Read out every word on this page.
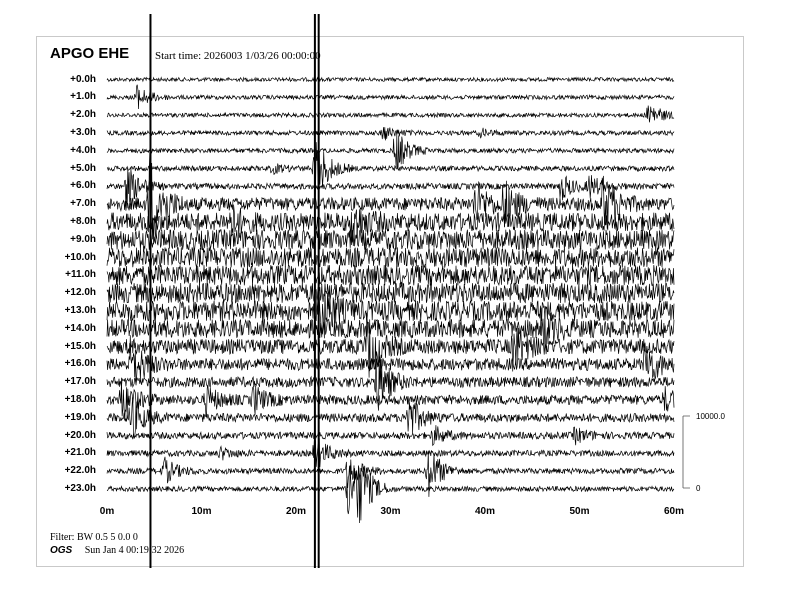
APGO EHE Start time: 2026003 1/03/26 00:00:00
+0.0h
+1.0h
+2.0h
+3.0h
+4.0h
+5.0h
+6.0h
+7.0h
+8.0h
+9.0h
+10.0h
+11.0h
+12.0h
+13.0h
+14.0h
+15.0h
+16.0h
+17.0h
+18.0h
+19.0h
+20.0h
+21.0h
+22.0h
+23.0h
0m	10m	20m	30m	40m	50m	60m
10000.0
0
Filter: BW 0.5 5 0.0 0
OGS Sun Jan 4 00:19:32 2026
